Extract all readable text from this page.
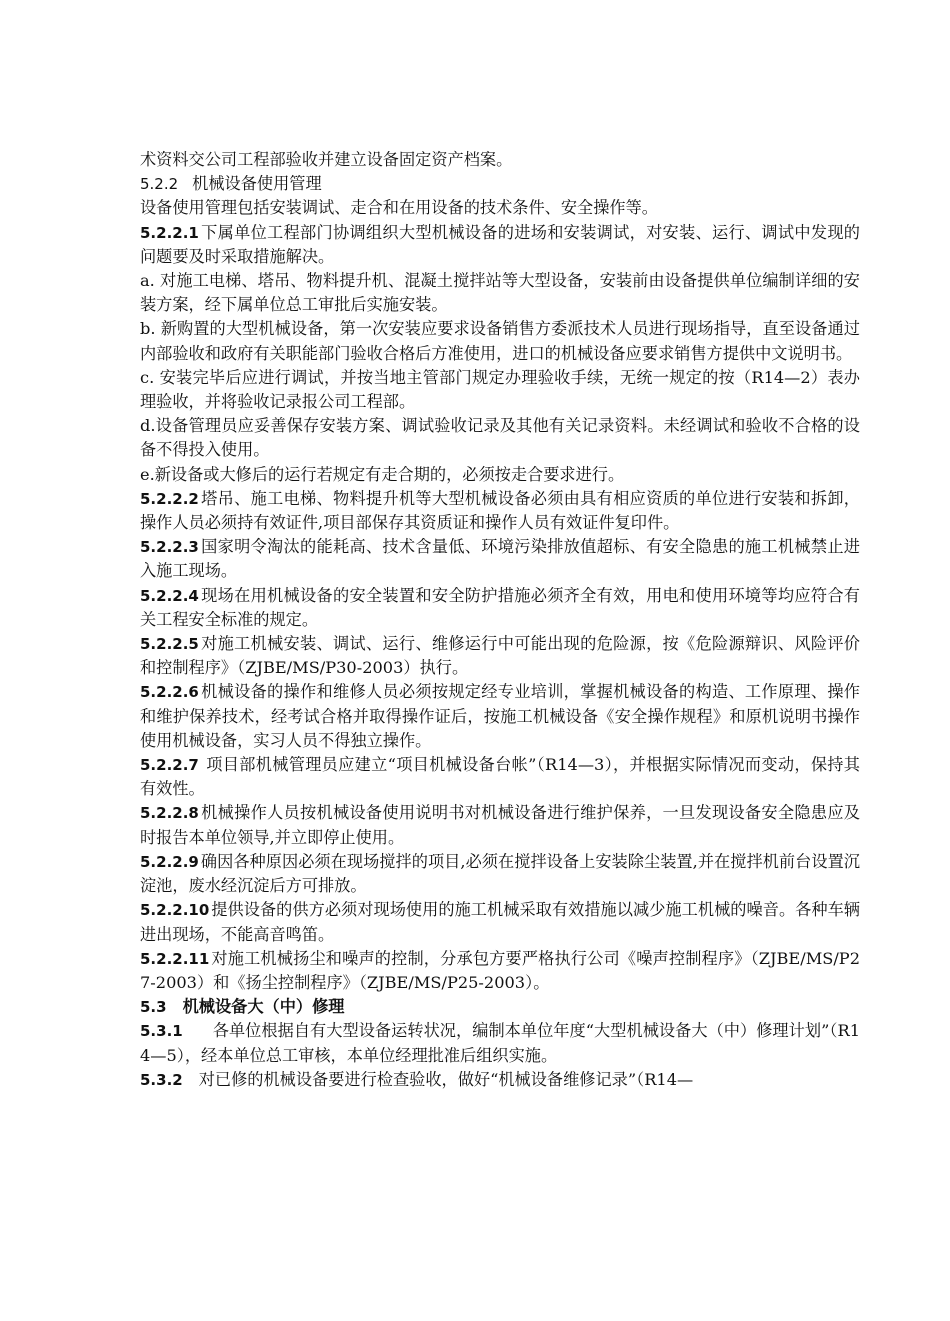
术资料交公司工程部验收并建立设备固定资产档案。

5.2.2 机械设备使用管理

设备使用管理包括安装调试、走合和在用设备的技术条件、安全操作等。

5.2.2.1 下属单位工程部门协调组织大型机械设备的进场和安装调试，对安装、运行、调试中发现的问题要及时采取措施解决。

a. 对施工电梯、塔吊、物料提升机、混凝土搅拌站等大型设备，安装前由设备提供单位编制详细的安装方案，经下属单位总工审批后实施安装。

b. 新购置的大型机械设备，第一次安装应要求设备销售方委派技术人员进行现场指导，直至设备通过内部验收和政府有关职能部门验收合格后方准使用，进口的机械设备应要求销售方提供中文说明书。

c. 安装完毕后应进行调试，并按当地主管部门规定办理验收手续，无统一规定的按（R14—2）表办理验收，并将验收记录报公司工程部。

d.设备管理员应妥善保存安装方案、调试验收记录及其他有关记录资料。未经调试和验收不合格的设备不得投入使用。

e.新设备或大修后的运行若规定有走合期的，必须按走合要求进行。

5.2.2.2 塔吊、施工电梯、物料提升机等大型机械设备必须由具有相应资质的单位进行安装和拆卸，操作人员必须持有效证件,项目部保存其资质证和操作人员有效证件复印件。

5.2.2.3 国家明令淘汰的能耗高、技术含量低、环境污染排放值超标、有安全隐患的施工机械禁止进入施工现场。

5.2.2.4 现场在用机械设备的安全装置和安全防护措施必须齐全有效，用电和使用环境等均应符合有关工程安全标准的规定。

5.2.2.5 对施工机械安装、调试、运行、维修运行中可能出现的危险源，按《危险源辩识、风险评价和控制程序》（ZJBE/MS/P30-2003）执行。

5.2.2.6 机械设备的操作和维修人员必须按规定经专业培训，掌握机械设备的构造、工作原理、操作和维护保养技术，经考试合格并取得操作证后，按施工机械设备《安全操作规程》和原机说明书操作使用机械设备，实习人员不得独立操作。

5.2.2.7 项目部机械管理员应建立“项目机械设备台帐”（R14—3），并根据实际情况而变动，保持其有效性。

5.2.2.8 机械操作人员按机械设备使用说明书对机械设备进行维护保养，一旦发现设备安全隐患应及时报告本单位领导,并立即停止使用。

5.2.2.9 确因各种原因必须在现场搅拌的项目,必须在搅拌设备上安装除尘装置,并在搅拌机前台设置沉淀池，废水经沉淀后方可排放。

5.2.2.10 提供设备的供方必须对现场使用的施工机械采取有效措施以减少施工机械的噪音。各种车辆进出现场，不能高音鸣笛。

5.2.2.11 对施工机械扬尘和噪声的控制，分承包方要严格执行公司《噪声控制程序》（ZJBE/MS/P27-2003）和《扬尘控制程序》（ZJBE/MS/P25-2003）。

5.3 机械设备大（中）修理

5.3.1 各单位根据自有大型设备运转状况，编制本单位年度“大型机械设备大（中）修理计划”（R14—5），经本单位总工审核，本单位经理批准后组织实施。

5.3.2 对已修的机械设备要进行检查验收，做好“机械设备维修记录”（R14—
